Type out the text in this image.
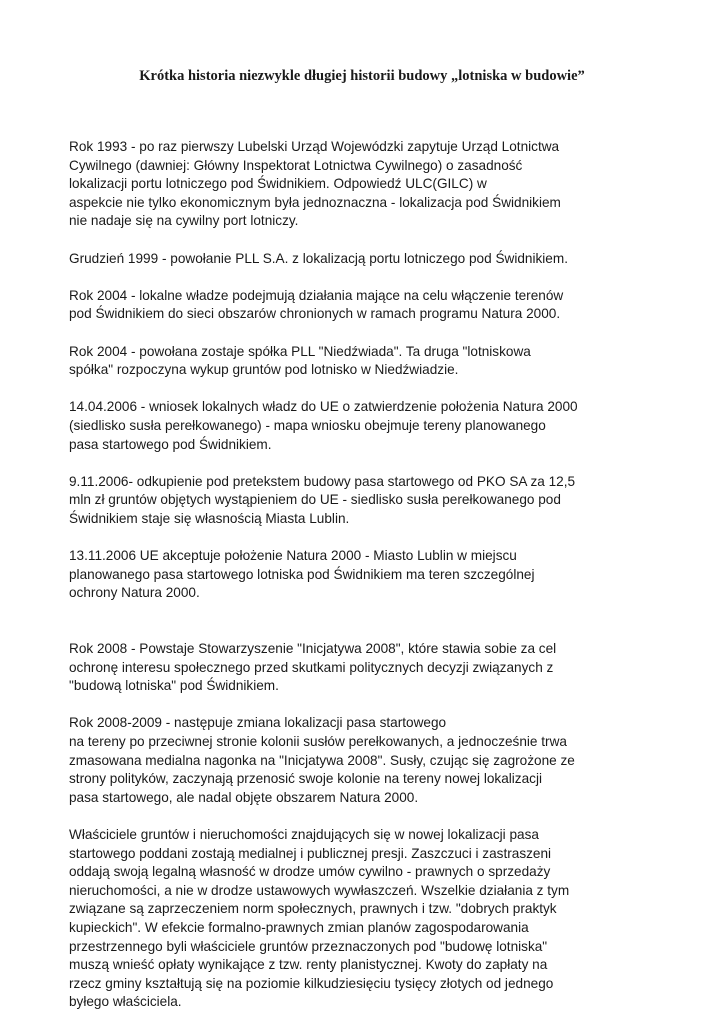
Krótka historia niezwykle długiej historii budowy „lotniska w budowie”

Rok 1993 - po raz pierwszy Lubelski Urząd Wojewódzki zapytuje Urząd Lotnictwa
Cywilnego (dawniej: Główny Inspektorat Lotnictwa Cywilnego) o zasadność
lokalizacji portu lotniczego pod Świdnikiem. Odpowiedź ULC(GILC) w
aspekcie nie tylko ekonomicznym była jednoznaczna - lokalizacja pod Świdnikiem
nie nadaje się na cywilny port lotniczy.

Grudzień 1999 - powołanie PLL S.A. z lokalizacją portu lotniczego pod Świdnikiem.

Rok 2004 - lokalne władze podejmują działania mające na celu włączenie terenów
pod Świdnikiem do sieci obszarów chronionych w ramach programu Natura 2000.

Rok 2004 - powołana zostaje spółka PLL "Niedźwiada". Ta druga "lotniskowa
spółka" rozpoczyna wykup gruntów pod lotnisko w Niedźwiadzie.

14.04.2006 - wniosek lokalnych władz do UE o zatwierdzenie położenia Natura 2000
(siedlisko susła perełkowanego) - mapa wniosku obejmuje tereny planowanego
pasa startowego pod Świdnikiem.

9.11.2006- odkupienie pod pretekstem budowy pasa startowego od PKO SA za 12,5
mln zł gruntów objętych wystąpieniem do UE - siedlisko susła perełkowanego pod
Świdnikiem staje się własnością Miasta Lublin.

13.11.2006 UE akceptuje położenie Natura 2000 - Miasto Lublin w miejscu
planowanego pasa startowego lotniska pod Świdnikiem ma teren szczególnej
ochrony Natura 2000.

Rok 2008 - Powstaje Stowarzyszenie "Inicjatywa 2008", które stawia sobie za cel
ochronę interesu społecznego przed skutkami politycznych decyzji związanych z
"budową lotniska" pod Świdnikiem.

Rok 2008-2009 - następuje zmiana lokalizacji pasa startowego
na tereny po przeciwnej stronie kolonii susłów perełkowanych, a jednocześnie trwa
zmasowana medialna nagonka na "Inicjatywa 2008". Susły, czując się zagrożone ze
strony polityków, zaczynają przenosić swoje kolonie na tereny nowej lokalizacji
pasa startowego, ale nadal objęte obszarem Natura 2000.

Właściciele gruntów i nieruchomości znajdujących się w nowej lokalizacji pasa
startowego poddani zostają medialnej i publicznej presji. Zaszczuci i zastraszeni
oddają swoją legalną własność w drodze umów cywilno - prawnych o sprzedaży
nieruchomości, a nie w drodze ustawowych wywłaszczeń. Wszelkie działania z tym
związane są zaprzeczeniem norm społecznych, prawnych i tzw. "dobrych praktyk
kupieckich". W efekcie formalno-prawnych zmian planów zagospodarowania
przestrzennego byli właściciele gruntów przeznaczonych pod "budowę lotniska"
muszą wnieść opłaty wynikające z tzw. renty planistycznej. Kwoty do zapłaty na
rzecz gminy kształtują się na poziomie kilkudziesięciu tysięcy złotych od jednego
byłego właściciela.
